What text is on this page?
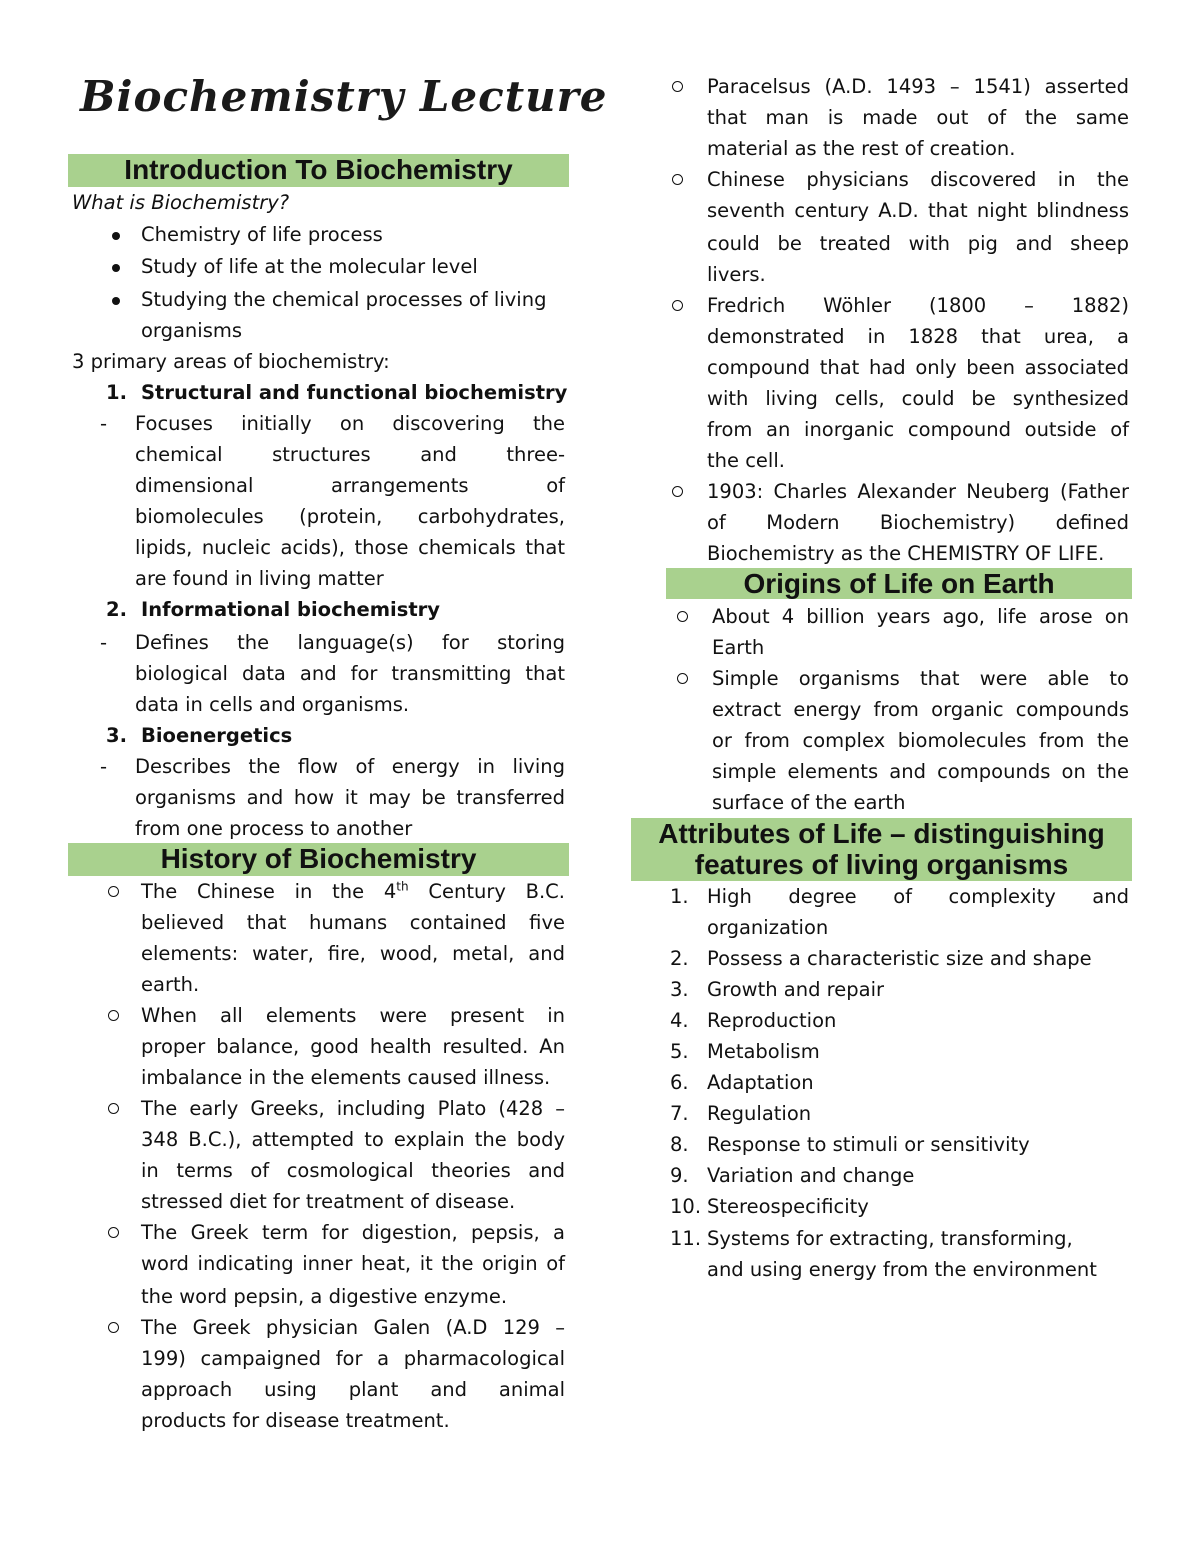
Biochemistry Lecture
Introduction To Biochemistry
What is Biochemistry?
Chemistry of life process
Study of life at the molecular level
Studying the chemical processes of living
organisms
3 primary areas of biochemistry:
1. Structural and functional biochemistry
- Focuses initially on discovering the
chemical structures and three-
dimensional arrangements of
biomolecules (protein, carbohydrates,
lipids, nucleic acids), those chemicals that
are found in living matter
2. Informational biochemistry
- Defines the language(s) for storing
biological data and for transmitting that
data in cells and organisms.
3. Bioenergetics
- Describes the flow of energy in living
organisms and how it may be transferred
from one process to another
History of Biochemistry
The Chinese in the 4th Century B.C.
believed that humans contained five
elements: water, fire, wood, metal, and
earth.
When all elements were present in
proper balance, good health resulted. An
imbalance in the elements caused illness.
The early Greeks, including Plato (428 –
348 B.C.), attempted to explain the body
in terms of cosmological theories and
stressed diet for treatment of disease.
The Greek term for digestion, pepsis, a
word indicating inner heat, it the origin of
the word pepsin, a digestive enzyme.
The Greek physician Galen (A.D 129 –
199) campaigned for a pharmacological
approach using plant and animal
products for disease treatment.
Paracelsus (A.D. 1493 – 1541) asserted
that man is made out of the same
material as the rest of creation.
Chinese physicians discovered in the
seventh century A.D. that night blindness
could be treated with pig and sheep
livers.
Fredrich Wöhler (1800 – 1882)
demonstrated in 1828 that urea, a
compound that had only been associated
with living cells, could be synthesized
from an inorganic compound outside of
the cell.
1903: Charles Alexander Neuberg (Father
of Modern Biochemistry) defined
Biochemistry as the CHEMISTRY OF LIFE.
Origins of Life on Earth
About 4 billion years ago, life arose on
Earth
Simple organisms that were able to
extract energy from organic compounds
or from complex biomolecules from the
simple elements and compounds on the
surface of the earth
Attributes of Life – distinguishing
features of living organisms
1. High degree of complexity and
organization
2. Possess a characteristic size and shape
3. Growth and repair
4. Reproduction
5. Metabolism
6. Adaptation
7. Regulation
8. Response to stimuli or sensitivity
9. Variation and change
10. Stereospecificity
11. Systems for extracting, transforming,
and using energy from the environment
